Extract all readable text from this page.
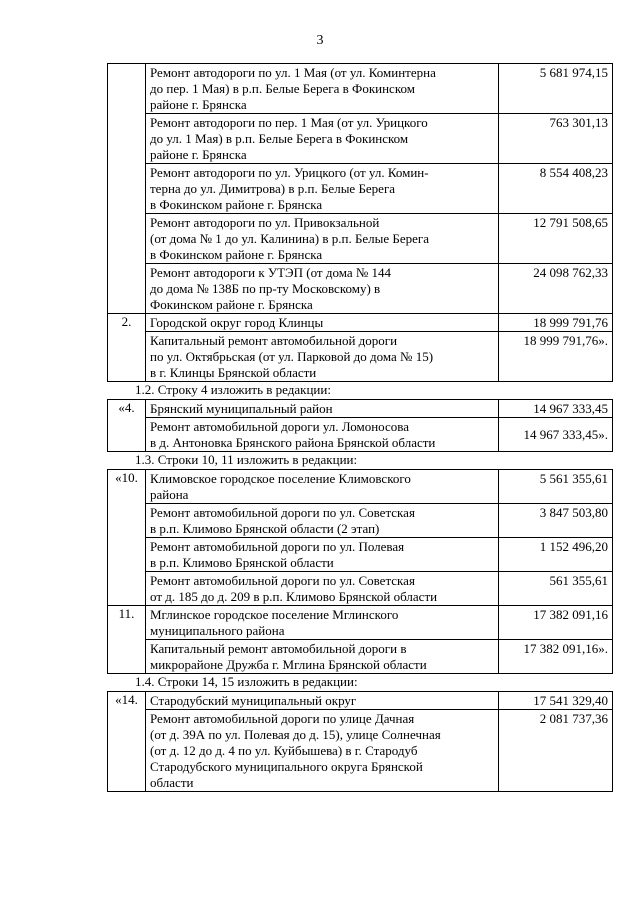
3
	Ремонт автодороги по ул. 1 Мая (от ул. Коминтерна
до пер. 1 Мая) в р.п. Белые Берега в Фокинском
районе г. Брянска	5 681 974,15
	Ремонт автодороги по пер. 1 Мая (от ул. Урицкого
до ул. 1 Мая) в р.п. Белые Берега в Фокинском
районе г. Брянска	763 301,13
	Ремонт автодороги по ул. Урицкого (от ул. Комин-
терна до ул. Димитрова) в р.п. Белые Берега
в Фокинском районе г. Брянска	8 554 408,23
	Ремонт автодороги по ул. Привокзальной
(от дома № 1 до ул. Калинина) в р.п. Белые Берега
в Фокинском районе г. Брянска	12 791 508,65
	Ремонт автодороги к УТЭП (от дома № 144
до дома № 138Б по пр-ту Московскому) в
Фокинском районе г. Брянска	24 098 762,33
2.	Городской округ город Клинцы	18 999 791,76
	Капитальный ремонт автомобильной дороги
по ул. Октябрьская (от ул. Парковой до дома № 15)
в г. Клинцы Брянской области	18 999 791,76».
1.2. Строку 4 изложить в редакции:
«4.	Брянский муниципальный район	14 967 333,45
	Ремонт автомобильной дороги ул. Ломоносова
в д. Антоновка Брянского района Брянской области	14 967 333,45».
1.3. Строки 10, 11 изложить в редакции:
«10.	Климовское городское поселение Климовского
района	5 561 355,61
	Ремонт автомобильной дороги по ул. Советская
в р.п. Климово Брянской области (2 этап)	3 847 503,80
	Ремонт автомобильной дороги по ул. Полевая
в р.п. Климово Брянской области	1 152 496,20
	Ремонт автомобильной дороги по ул. Советская
от д. 185 до д. 209 в р.п. Климово Брянской области	561 355,61
11.	Мглинское городское поселение Мглинского
муниципального района	17 382 091,16
	Капитальный ремонт автомобильной дороги в
микрорайоне Дружба г. Мглина Брянской области	17 382 091,16».
1.4. Строки 14, 15 изложить в редакции:
«14.	Стародубский муниципальный округ	17 541 329,40
	Ремонт автомобильной дороги по улице Дачная
(от д. 39А по ул. Полевая до д. 15), улице Солнечная
(от д. 12 до д. 4 по ул. Куйбышева) в г. Стародуб
Стародубского муниципального округа Брянской
области	2 081 737,36
